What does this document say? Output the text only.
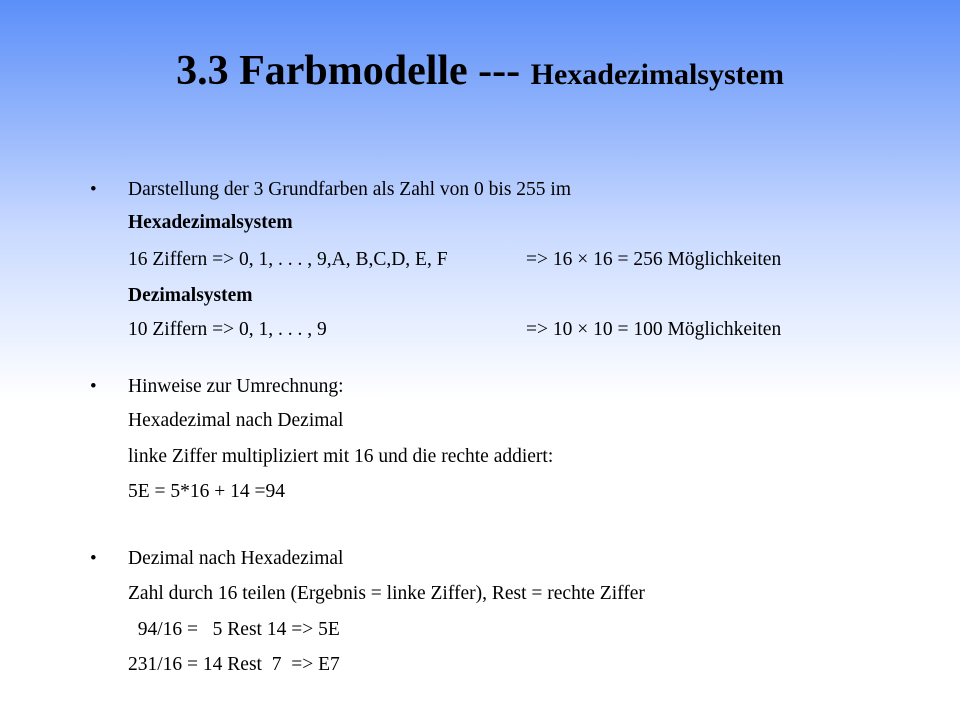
3.3 Farbmodelle --- Hexadezimalsystem
• Darstellung der 3 Grundfarben als Zahl von 0 bis 255 im
Hexadezimalsystem
16 Ziffern => 0, 1, . . . , 9,A, B,C,D, E, F	=> 16 × 16 = 256 Möglichkeiten
Dezimalsystem
10 Ziffern => 0, 1, . . . , 9	=> 10 × 10 = 100 Möglichkeiten
• Hinweise zur Umrechnung:
Hexadezimal nach Dezimal
linke Ziffer multipliziert mit 16 und die rechte addiert:
5E = 5*16 + 14 =94
• Dezimal nach Hexadezimal
Zahl durch 16 teilen (Ergebnis = linke Ziffer), Rest = rechte Ziffer
94/16 =   5 Rest 14 => 5E
231/16 = 14 Rest  7  => E7
